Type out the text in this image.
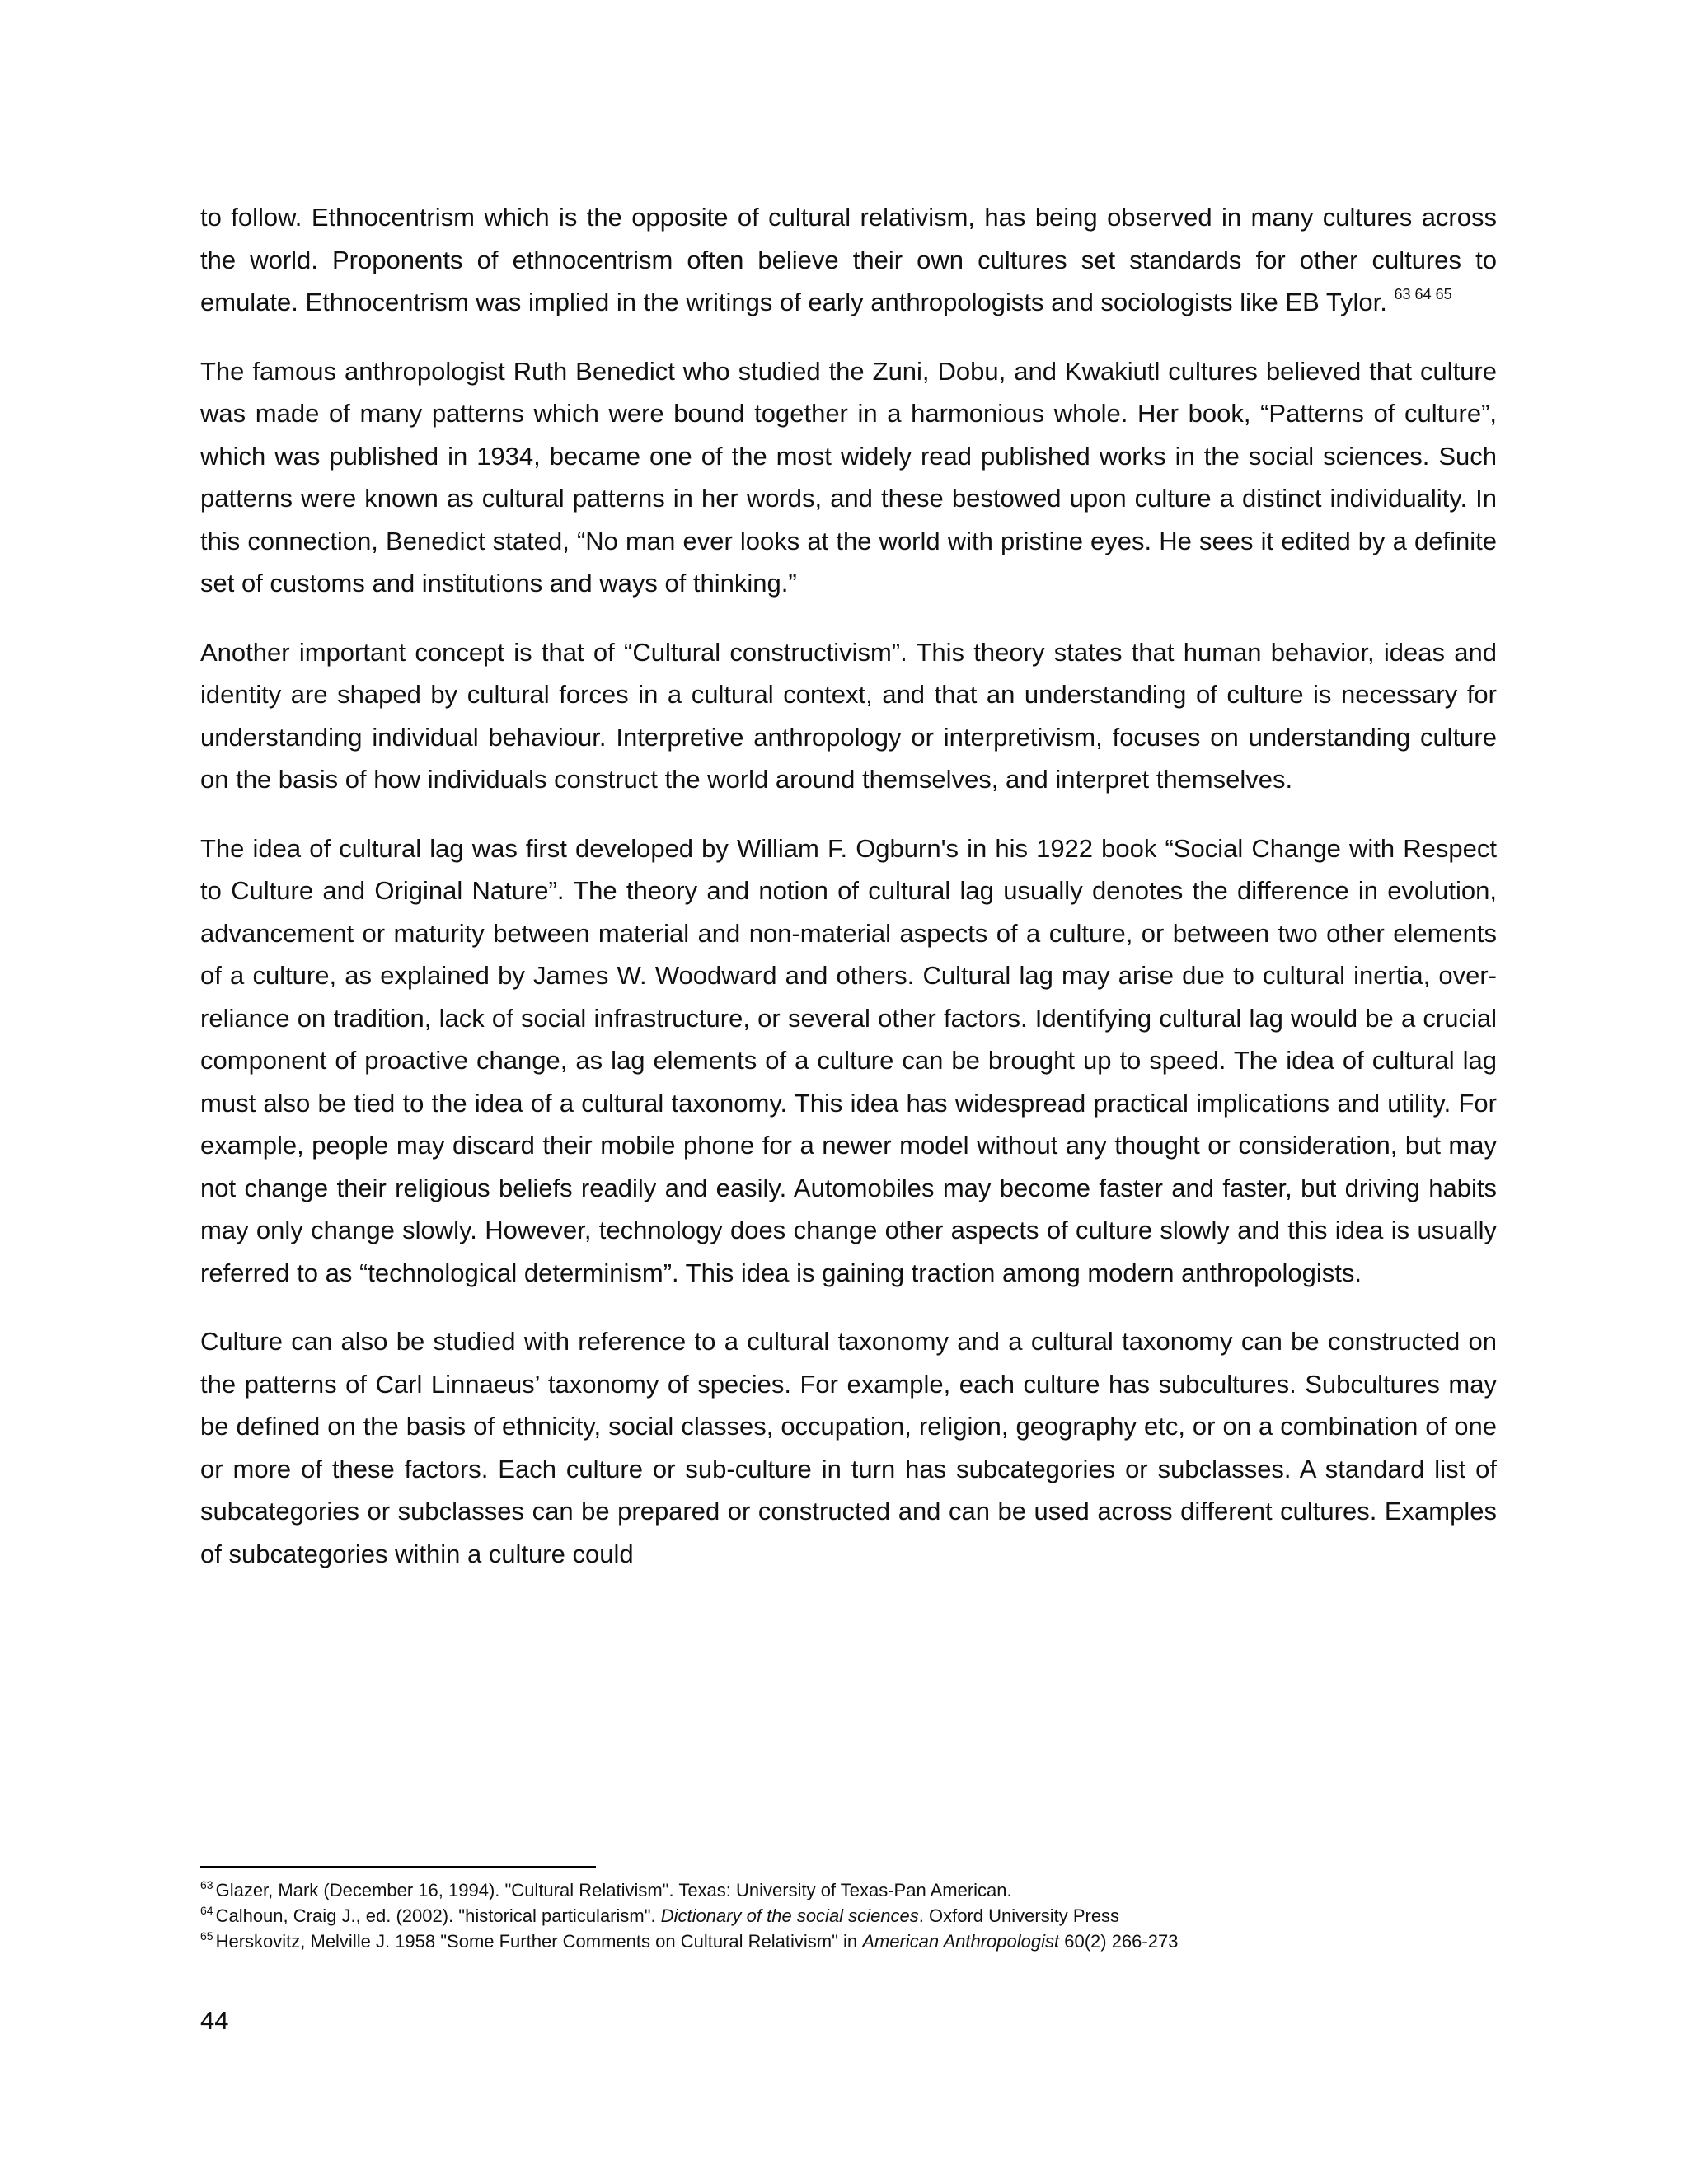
to follow. Ethnocentrism which is the opposite of cultural relativism, has being observed in many cultures across the world. Proponents of ethnocentrism often believe their own cultures set standards for other cultures to emulate. Ethnocentrism was implied in the writings of early anthropologists and sociologists like EB Tylor. $^{63 64 65}$

The famous anthropologist Ruth Benedict who studied the Zuni, Dobu, and Kwakiutl cultures believed that culture was made of many patterns which were bound together in a harmonious whole. Her book, “Patterns of culture”, which was published in 1934, became one of the most widely read published works in the social sciences. Such patterns were known as cultural patterns in her words, and these bestowed upon culture a distinct individuality. In this connection, Benedict stated, “No man ever looks at the world with pristine eyes. He sees it edited by a definite set of customs and institutions and ways of thinking.”

Another important concept is that of “Cultural constructivism”. This theory states that human behavior, ideas and identity are shaped by cultural forces in a cultural context, and that an understanding of culture is necessary for understanding individual behaviour. Interpretive anthropology or interpretivism, focuses on understanding culture on the basis of how individuals construct the world around themselves, and interpret themselves.

The idea of cultural lag was first developed by William F. Ogburn's in his 1922 book “Social Change with Respect to Culture and Original Nature”. The theory and notion of cultural lag usually denotes the difference in evolution, advancement or maturity between material and non-material aspects of a culture, or between two other elements of a culture, as explained by James W. Woodward and others. Cultural lag may arise due to cultural inertia, over-reliance on tradition, lack of social infrastructure, or several other factors. Identifying cultural lag would be a crucial component of proactive change, as lag elements of a culture can be brought up to speed. The idea of cultural lag must also be tied to the idea of a cultural taxonomy. This idea has widespread practical implications and utility. For example, people may discard their mobile phone for a newer model without any thought or consideration, but may not change their religious beliefs readily and easily. Automobiles may become faster and faster, but driving habits may only change slowly. However, technology does change other aspects of culture slowly and this idea is usually referred to as “technological determinism”. This idea is gaining traction among modern anthropologists.

Culture can also be studied with reference to a cultural taxonomy and a cultural taxonomy can be constructed on the patterns of Carl Linnaeus’ taxonomy of species. For example, each culture has subcultures. Subcultures may be defined on the basis of ethnicity, social classes, occupation, religion, geography etc, or on a combination of one or more of these factors. Each culture or sub-culture in turn has subcategories or subclasses. A standard list of subcategories or subclasses can be prepared or constructed and can be used across different cultures. Examples of subcategories within a culture could

$^{63}$ Glazer, Mark (December 16, 1994). "Cultural Relativism". Texas: University of Texas-Pan American.
$^{64}$ Calhoun, Craig J., ed. (2002). "historical particularism". Dictionary of the social sciences. Oxford University Press
$^{65}$ Herskovitz, Melville J. 1958 "Some Further Comments on Cultural Relativism" in American Anthropologist 60(2) 266-273
44
